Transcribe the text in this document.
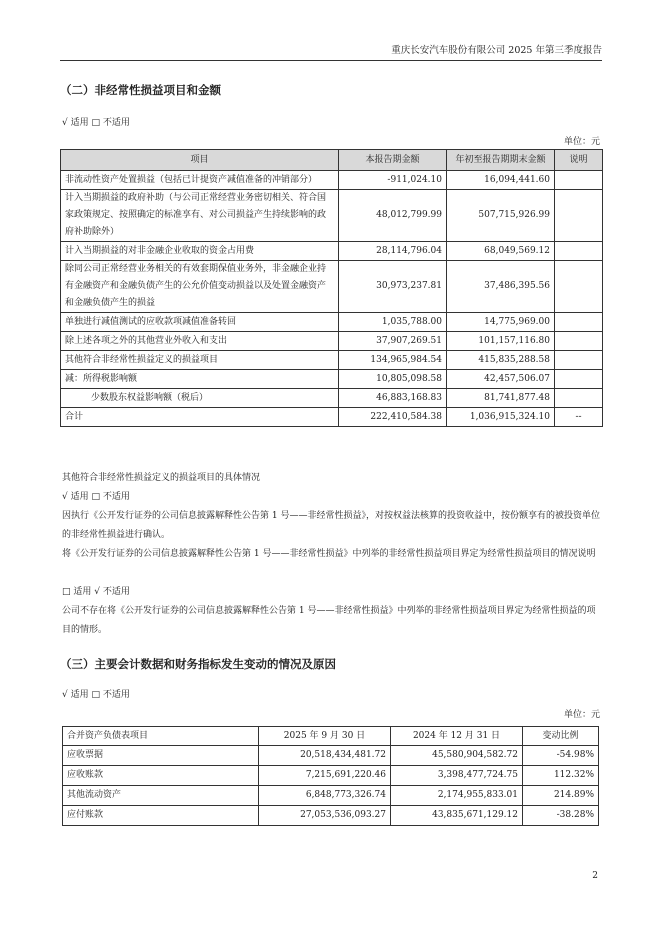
重庆长安汽车股份有限公司 2025 年第三季度报告
（二）非经常性损益项目和金额
√ 适用 □ 不适用
单位：元
项目	本报告期金额	年初至报告期期末金额	说明
非流动性资产处置损益（包括已计提资产减值准备的冲销部分）	-911,024.10	16,094,441.60	
计入当期损益的政府补助（与公司正常经营业务密切相关、符合国家政策规定、按照确定的标准享有、对公司损益产生持续影响的政府补助除外）	48,012,799.99	507,715,926.99	
计入当期损益的对非金融企业收取的资金占用费	28,114,796.04	68,049,569.12	
除同公司正常经营业务相关的有效套期保值业务外，非金融企业持有金融资产和金融负债产生的公允价值变动损益以及处置金融资产和金融负债产生的损益	30,973,237.81	37,486,395.56	
单独进行减值测试的应收款项减值准备转回	1,035,788.00	14,775,969.00	
除上述各项之外的其他营业外收入和支出	37,907,269.51	101,157,116.80	
其他符合非经常性损益定义的损益项目	134,965,984.54	415,835,288.58	
减：所得税影响额	10,805,098.58	42,457,506.07	
少数股东权益影响额（税后）	46,883,168.83	81,741,877.48	
合计	222,410,584.38	1,036,915,324.10	--
其他符合非经常性损益定义的损益项目的具体情况
√ 适用 □ 不适用
因执行《公开发行证券的公司信息披露解释性公告第 1 号——非经常性损益》，对按权益法核算的投资收益中，按份额享有的被投资单位的非经常性损益进行确认。
将《公开发行证券的公司信息披露解释性公告第 1 号——非经常性损益》中列举的非经常性损益项目界定为经常性损益项目的情况说明
□ 适用 √ 不适用
公司不存在将《公开发行证券的公司信息披露解释性公告第 1 号——非经常性损益》中列举的非经常性损益项目界定为经常性损益的项目的情形。
（三）主要会计数据和财务指标发生变动的情况及原因
√ 适用 □ 不适用
单位：元
合并资产负债表项目	2025 年 9 月 30 日	2024 年 12 月 31 日	变动比例
应收票据	20,518,434,481.72	45,580,904,582.72	-54.98%
应收账款	7,215,691,220.46	3,398,477,724.75	112.32%
其他流动资产	6,848,773,326.74	2,174,955,833.01	214.89%
应付账款	27,053,536,093.27	43,835,671,129.12	-38.28%
2
